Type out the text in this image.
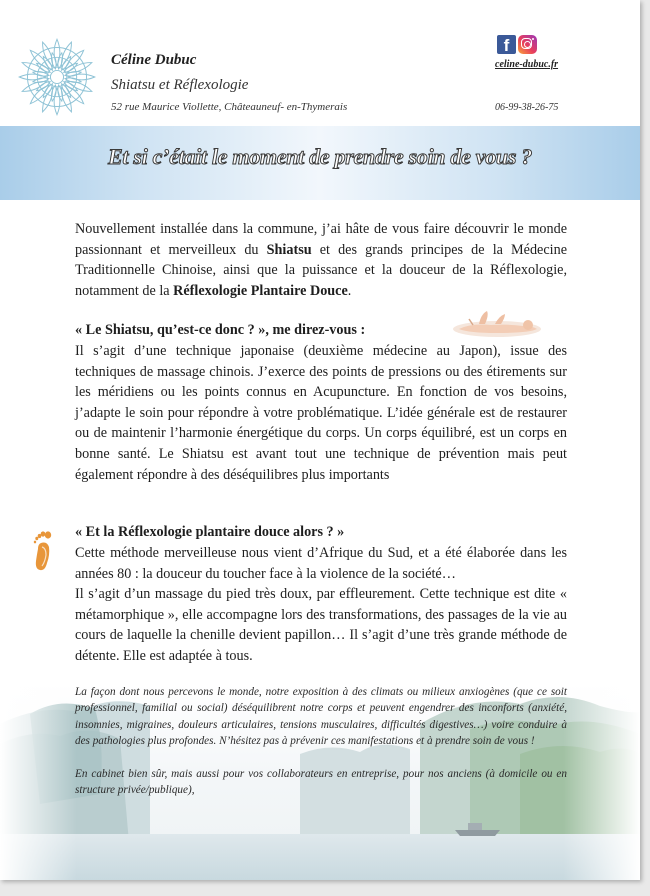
Céline Dubuc
Shiatsu et Réflexologie
52 rue Maurice Viollette, Châteauneuf- en-Thymerais
f
celine-dubuc.fr
06-99-38-26-75
Et si c’était le moment de prendre soin de vous ?
Nouvellement installée dans la commune, j’ai hâte de vous faire découvrir le monde passionnant et merveilleux du Shiatsu et des grands principes de la Médecine Traditionnelle Chinoise, ainsi que la puissance et la douceur de la Réflexologie, notamment de la Réflexologie Plantaire Douce.
« Le Shiatsu, qu’est-ce donc ? », me direz-vous :
Il s’agit d’une technique japonaise (deuxième médecine au Japon), issue des techniques de massage chinois. J’exerce des points de pressions ou des étirements sur les méridiens ou les points connus en Acupuncture. En fonction de vos besoins, j’adapte le soin pour répondre à votre problématique. L’idée générale est de restaurer ou de maintenir l’harmonie énergétique du corps. Un corps équilibré, est un corps en bonne santé. Le Shiatsu est avant tout une technique de prévention mais peut également répondre à des déséquilibres plus importants
« Et la Réflexologie plantaire douce alors ? »
Cette méthode merveilleuse nous vient d’Afrique du Sud, et a été élaborée dans les années 80 : la douceur du toucher face à la violence de la société…
Il s’agit d’un massage du pied très doux, par effleurement. Cette technique est dite « métamorphique », elle accompagne lors des transformations, des passages de la vie au cours de laquelle la chenille devient papillon… Il s’agit d’une très grande méthode de détente. Elle est adaptée à tous.
La façon dont nous percevons le monde, notre exposition à des climats ou milieux anxiogènes (que ce soit professionnel, familial ou social) déséquilibrent notre corps et peuvent engendrer des inconforts (anxiété, insomnies, migraines, douleurs articulaires, tensions musculaires, difficultés digestives…) voire conduire à des pathologies plus profondes. N’hésitez pas à prévenir ces manifestations et à prendre soin de vous !
En cabinet bien sûr, mais aussi pour vos collaborateurs en entreprise, pour nos anciens (à domicile ou en structure privée/publique),
